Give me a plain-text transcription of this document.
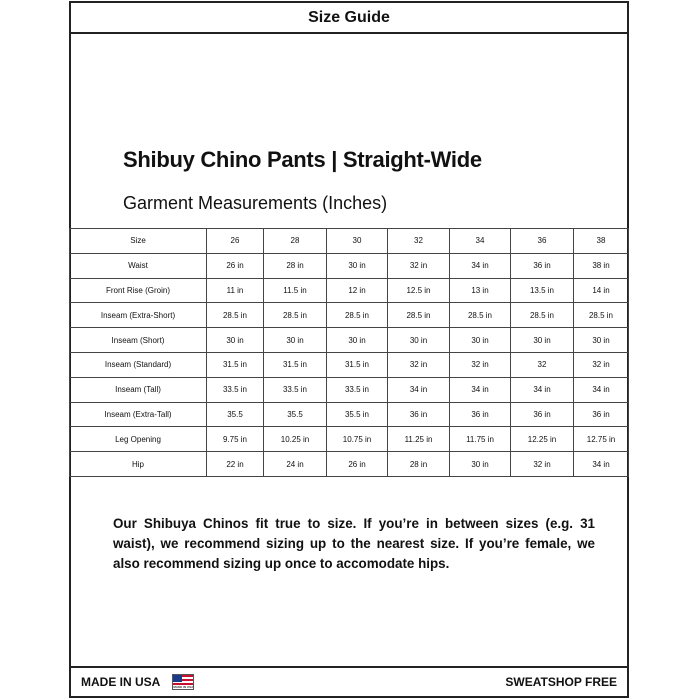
Size Guide
Shibuy Chino Pants | Straight-Wide
Garment Measurements (Inches)
Size	26	28	30	32	34	36	38
Waist	26 in	28 in	30 in	32 in	34 in	36 in	38 in
Front Rise (Groin)	11 in	11.5 in	12 in	12.5 in	13 in	13.5 in	14 in
Inseam (Extra-Short)	28.5 in	28.5 in	28.5 in	28.5 in	28.5 in	28.5 in	28.5 in
Inseam (Short)	30 in	30 in	30 in	30 in	30 in	30 in	30 in
Inseam (Standard)	31.5 in	31.5 in	31.5 in	32 in	32 in	32	32 in
Inseam (Tall)	33.5 in	33.5 in	33.5 in	34 in	34 in	34 in	34 in
Inseam (Extra-Tall)	35.5	35.5	35.5 in	36 in	36 in	36 in	36 in
Leg Opening	9.75 in	10.25 in	10.75 in	11.25 in	11.75 in	12.25 in	12.75 in
Hip	22 in	24 in	26 in	28 in	30 in	32 in	34 in
Our Shibuya Chinos fit true to size. If you’re in between sizes (e.g. 31 waist), we recommend sizing up to the nearest size. If you’re female, we also recommend sizing up once to accomodate hips.
MADE IN USA	MADE IN USA	SWEATSHOP FREE
